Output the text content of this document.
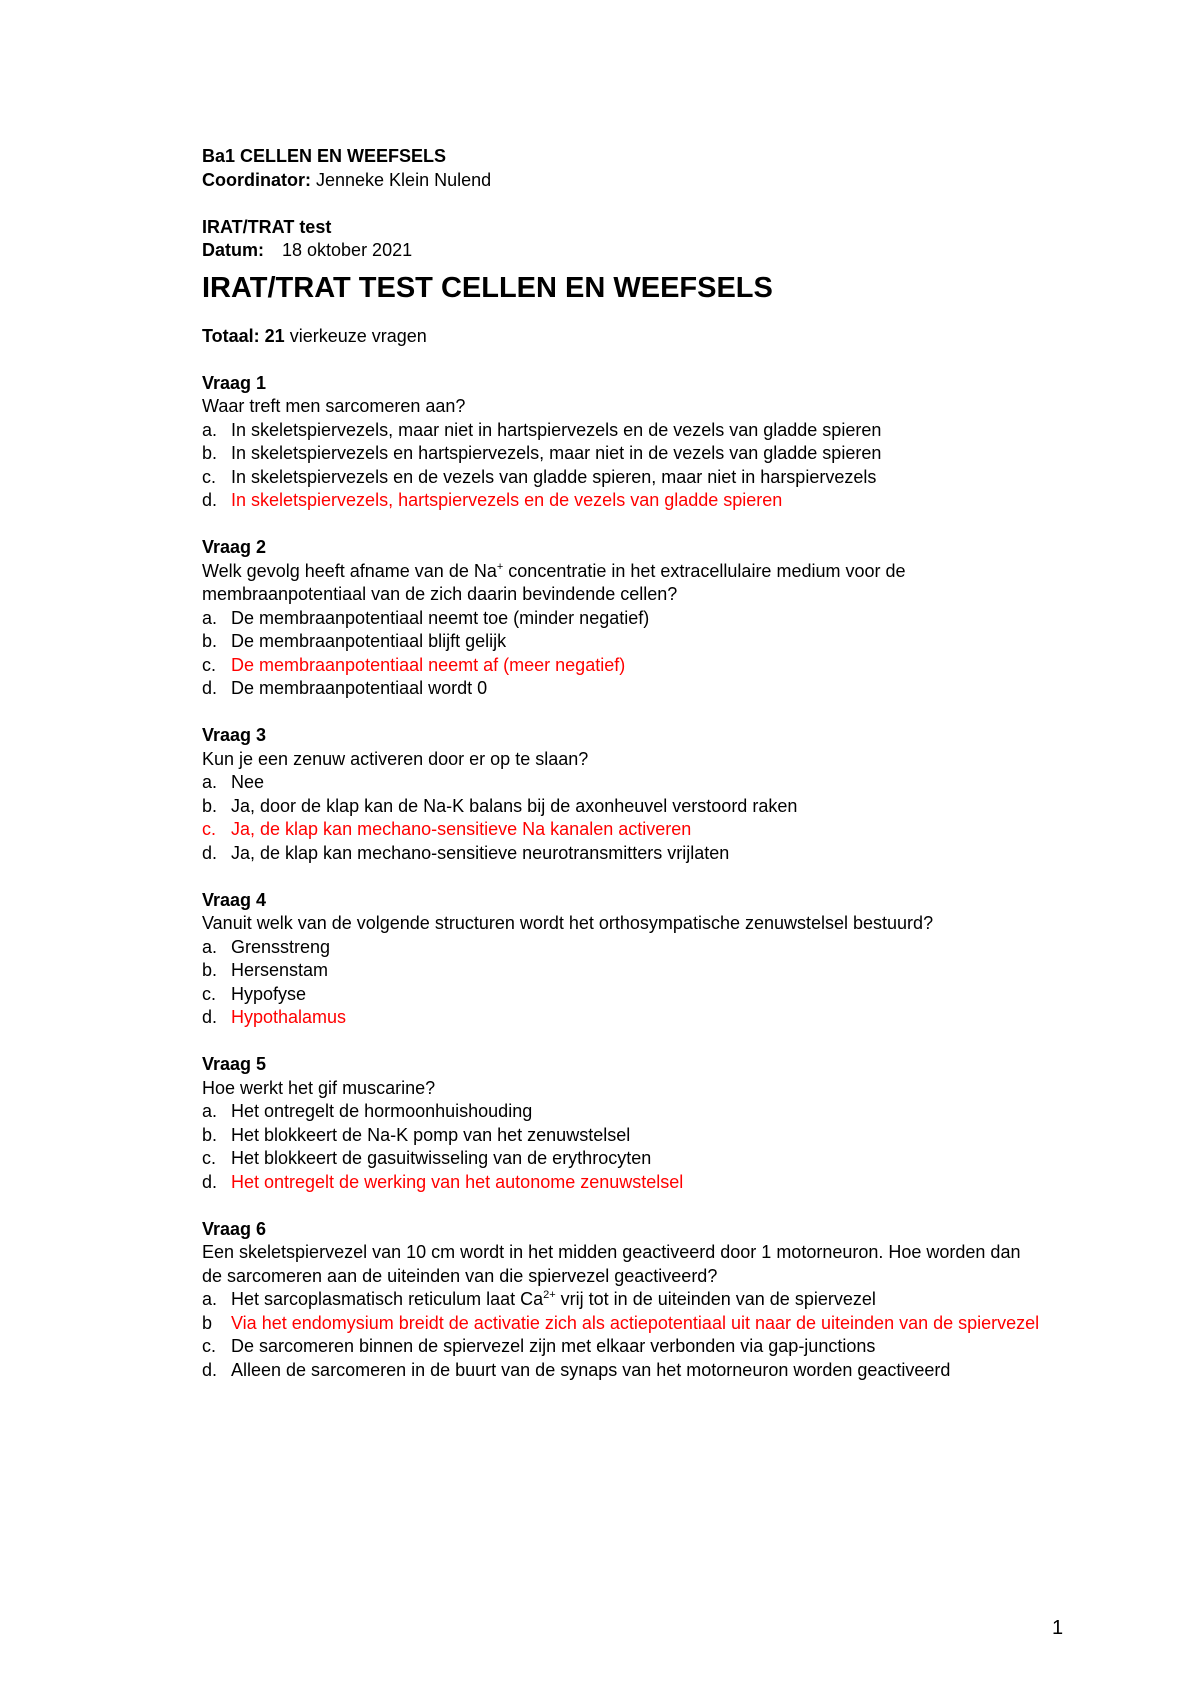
Ba1 CELLEN EN WEEFSELS
Coordinator: Jenneke Klein Nulend
IRAT/TRAT test
Datum: 18 oktober 2021
IRAT/TRAT TEST CELLEN EN WEEFSELS
Totaal: 21 vierkeuze vragen
Vraag 1
Waar treft men sarcomeren aan?
a. In skeletspiervezels, maar niet in hartspiervezels en de vezels van gladde spieren
b. In skeletspiervezels en hartspiervezels, maar niet in de vezels van gladde spieren
c. In skeletspiervezels en de vezels van gladde spieren, maar niet in harspiervezels
d. In skeletspiervezels, hartspiervezels en de vezels van gladde spieren
Vraag 2
Welk gevolg heeft afname van de Na+ concentratie in het extracellulaire medium voor de membraanpotentiaal van de zich daarin bevindende cellen?
a. De membraanpotentiaal neemt toe (minder negatief)
b. De membraanpotentiaal blijft gelijk
c. De membraanpotentiaal neemt af (meer negatief)
d. De membraanpotentiaal wordt 0
Vraag 3
Kun je een zenuw activeren door er op te slaan?
a. Nee
b. Ja, door de klap kan de Na-K balans bij de axonheuvel verstoord raken
c. Ja, de klap kan mechano-sensitieve Na kanalen activeren
d. Ja, de klap kan mechano-sensitieve neurotransmitters vrijlaten
Vraag 4
Vanuit welk van de volgende structuren wordt het orthosympatische zenuwstelsel bestuurd?
a. Grensstreng
b. Hersenstam
c. Hypofyse
d. Hypothalamus
Vraag 5
Hoe werkt het gif muscarine?
a. Het ontregelt de hormoonhuishouding
b. Het blokkeert de Na-K pomp van het zenuwstelsel
c. Het blokkeert de gasuitwisseling van de erythrocyten
d. Het ontregelt de werking van het autonome zenuwstelsel
Vraag 6
Een skeletspiervezel van 10 cm wordt in het midden geactiveerd door 1 motorneuron. Hoe worden dan de sarcomeren aan de uiteinden van die spiervezel geactiveerd?
a. Het sarcoplasmatisch reticulum laat $Ca^{2+}$ vrij tot in de uiteinden van de spiervezel
b	Via het endomysium breidt de activatie zich als actiepotentiaal uit naar de uiteinden van de spiervezel
c. De sarcomeren binnen de spiervezel zijn met elkaar verbonden via gap-junctions
d. Alleen de sarcomeren in de buurt van de synaps van het motorneuron worden geactiveerd
1
